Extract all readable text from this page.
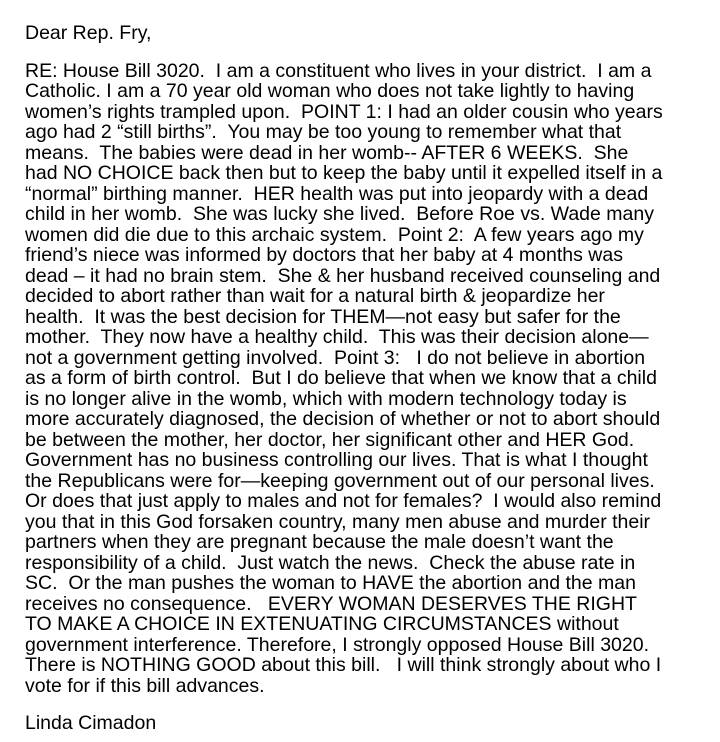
Dear Rep. Fry,
RE: House Bill 3020.  I am a constituent who lives in your district.  I am a
Catholic. I am a 70 year old woman who does not take lightly to having
women’s rights trampled upon.  POINT 1: I had an older cousin who years
ago had 2 “still births”.  You may be too young to remember what that
means.  The babies were dead in her womb-- AFTER 6 WEEKS.  She
had NO CHOICE back then but to keep the baby until it expelled itself in a
“normal” birthing manner.  HER health was put into jeopardy with a dead
child in her womb.  She was lucky she lived.  Before Roe vs. Wade many
women did die due to this archaic system.  Point 2:  A few years ago my
friend’s niece was informed by doctors that her baby at 4 months was
dead – it had no brain stem.  She & her husband received counseling and
decided to abort rather than wait for a natural birth & jeopardize her
health.  It was the best decision for THEM—not easy but safer for the
mother.  They now have a healthy child.  This was their decision alone—
not a government getting involved.  Point 3:   I do not believe in abortion
as a form of birth control.  But I do believe that when we know that a child
is no longer alive in the womb, which with modern technology today is
more accurately diagnosed, the decision of whether or not to abort should
be between the mother, her doctor, her significant other and HER God.
Government has no business controlling our lives. That is what I thought
the Republicans were for—keeping government out of our personal lives.
Or does that just apply to males and not for females?  I would also remind
you that in this God forsaken country, many men abuse and murder their
partners when they are pregnant because the male doesn’t want the
responsibility of a child.  Just watch the news.  Check the abuse rate in
SC.  Or the man pushes the woman to HAVE the abortion and the man
receives no consequence.   EVERY WOMAN DESERVES THE RIGHT
TO MAKE A CHOICE IN EXTENUATING CIRCUMSTANCES without
government interference. Therefore, I strongly opposed House Bill 3020.
There is NOTHING GOOD about this bill.   I will think strongly about who I
vote for if this bill advances.
Linda Cimadon
